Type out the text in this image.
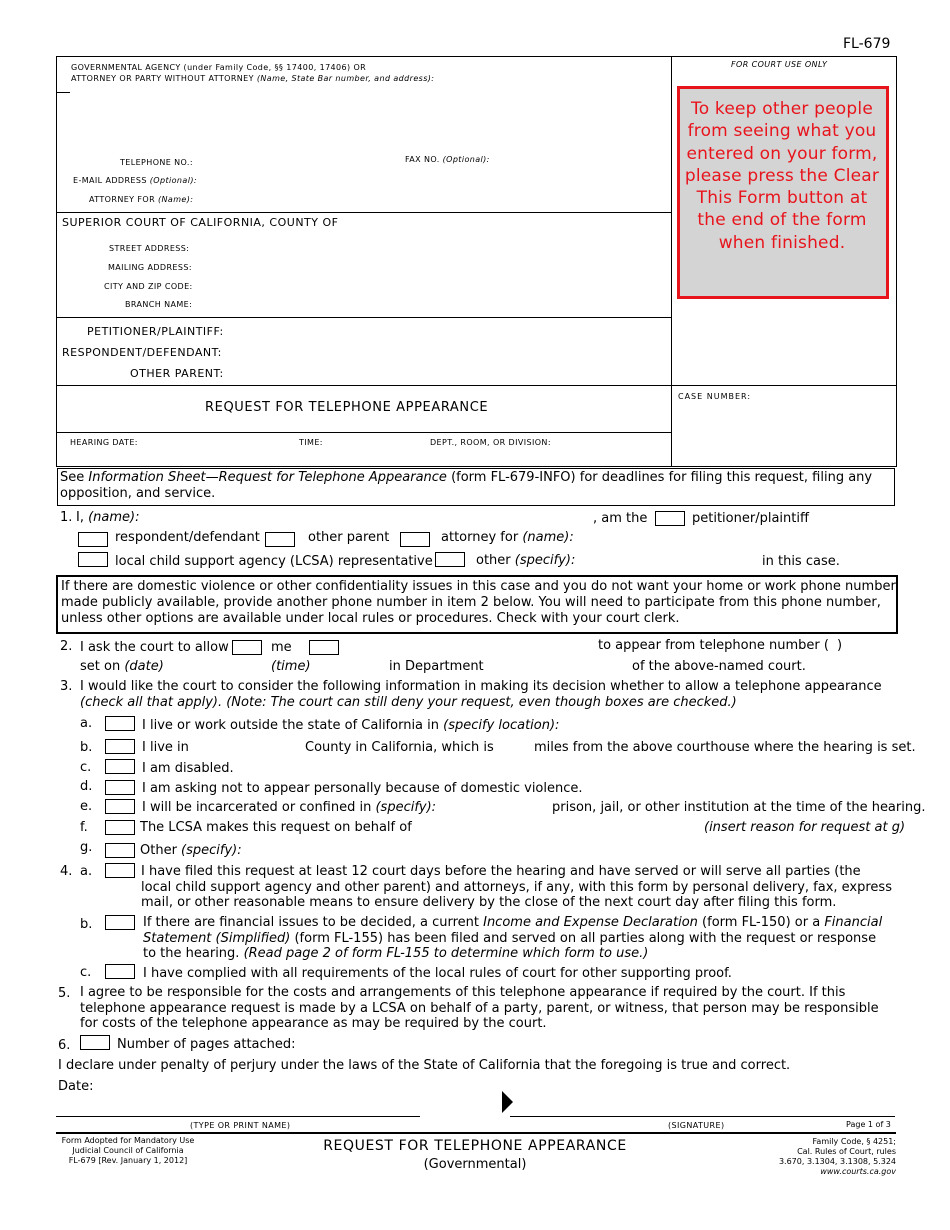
FL-679
GOVERNMENTAL AGENCY (under Family Code, §§ 17400, 17406) OR
ATTORNEY OR PARTY WITHOUT ATTORNEY (Name, State Bar number, and address):
TELEPHONE NO.:	FAX NO. (Optional):
E-MAIL ADDRESS (Optional):
ATTORNEY FOR (Name):
SUPERIOR COURT OF CALIFORNIA, COUNTY OF
STREET ADDRESS:
MAILING ADDRESS:
CITY AND ZIP CODE:
BRANCH NAME:
PETITIONER/PLAINTIFF:
RESPONDENT/DEFENDANT:
OTHER PARENT:
REQUEST FOR TELEPHONE APPEARANCE
HEARING DATE:	TIME:	DEPT., ROOM, OR DIVISION:
FOR COURT USE ONLY
To keep other people from seeing what you entered on your form, please press the Clear This Form button at the end of the form when finished.
CASE NUMBER:
See Information Sheet—Request for Telephone Appearance (form FL-679-INFO) for deadlines for filing this request, filing any opposition, and service.
1. I, (name):	, am the	petitioner/plaintiff
respondent/defendant	other parent	attorney for (name):
local child support agency (LCSA) representative	other (specify):	in this case.
If there are domestic violence or other confidentiality issues in this case and you do not want your home or work phone number made publicly available, provide another phone number in item 2 below. You will need to participate from this phone number, unless other options are available under local rules or procedures. Check with your court clerk.
2. I ask the court to allow	me	to appear from telephone number ( )
set on (date)	(time)	in Department	of the above-named court.
3. I would like the court to consider the following information in making its decision whether to allow a telephone appearance (check all that apply). (Note: The court can still deny your request, even though boxes are checked.)
a.	I live or work outside the state of California in (specify location):
b.	I live in	County in California, which is	miles from the above courthouse where the hearing is set.
c.	I am disabled.
d.	I am asking not to appear personally because of domestic violence.
e.	I will be incarcerated or confined in (specify):	prison, jail, or other institution at the time of the hearing.
f.	The LCSA makes this request on behalf of	(insert reason for request at g)
g.	Other (specify):
4. a.	I have filed this request at least 12 court days before the hearing and have served or will serve all parties (the local child support agency and other parent) and attorneys, if any, with this form by personal delivery, fax, express mail, or other reasonable means to ensure delivery by the close of the next court day after filing this form.
b.	If there are financial issues to be decided, a current Income and Expense Declaration (form FL-150) or a Financial Statement (Simplified) (form FL-155) has been filed and served on all parties along with the request or response to the hearing. (Read page 2 of form FL-155 to determine which form to use.)
c.	I have complied with all requirements of the local rules of court for other supporting proof.
5. I agree to be responsible for the costs and arrangements of this telephone appearance if required by the court. If this telephone appearance request is made by a LCSA on behalf of a party, parent, or witness, that person may be responsible for costs of the telephone appearance as may be required by the court.
6.	Number of pages attached:
I declare under penalty of perjury under the laws of the State of California that the foregoing is true and correct.
Date:
(TYPE OR PRINT NAME)	(SIGNATURE)	Page 1 of 3
Form Adopted for Mandatory Use
Judicial Council of California
FL-679 [Rev. January 1, 2012]
REQUEST FOR TELEPHONE APPEARANCE
(Governmental)
Family Code, § 4251;
Cal. Rules of Court, rules
3.670, 3.1304, 3.1308, 5.324
www.courts.ca.gov
